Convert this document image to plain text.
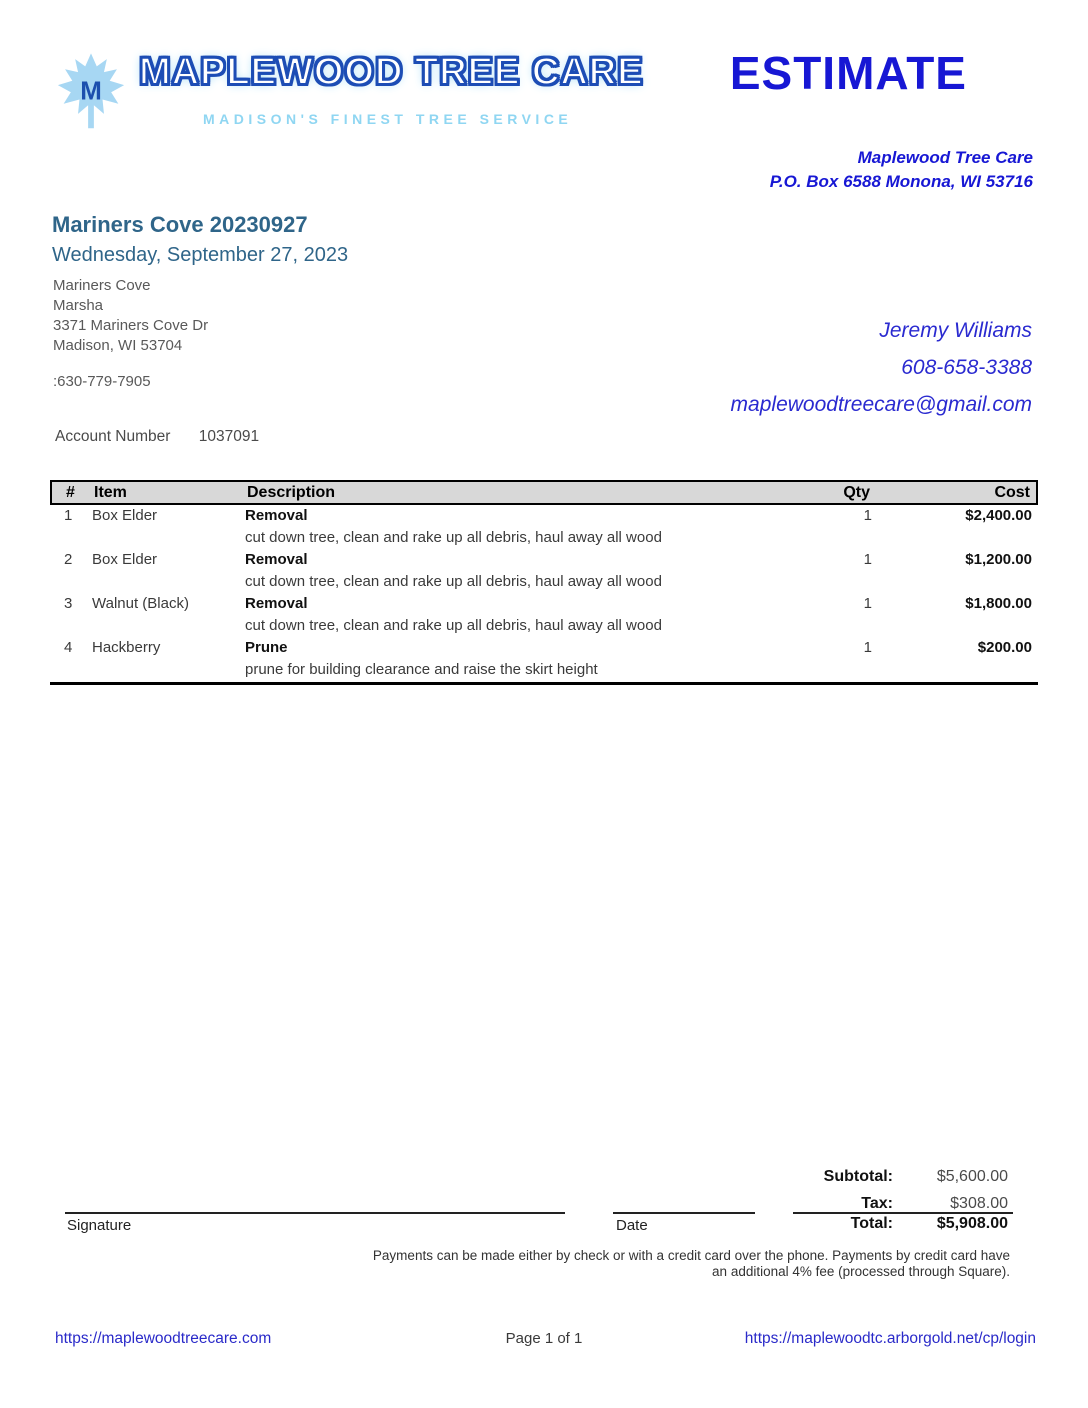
M MAPLEWOOD TREE CARE
MADISON'S FINEST TREE SERVICE
ESTIMATE
Maplewood Tree Care
P.O. Box 6588 Monona, WI 53716
Mariners Cove 20230927
Wednesday, September 27, 2023
Mariners Cove
Marsha
3371 Mariners Cove Dr
Madison, WI 53704
:630-779-7905
Jeremy Williams
608-658-3388
maplewoodtreecare@gmail.com
Account Number 1037091
#	Item	Description	Qty	Cost
1	Box Elder	Removal	1	$2,400.00
cut down tree, clean and rake up all debris, haul away all wood
2	Box Elder	Removal	1	$1,200.00
cut down tree, clean and rake up all debris, haul away all wood
3	Walnut (Black)	Removal	1	$1,800.00
cut down tree, clean and rake up all debris, haul away all wood
4	Hackberry	Prune	1	$200.00
prune for building clearance and raise the skirt height
Subtotal:	$5,600.00
Tax:	$308.00
Total:	$5,908.00
Signature	Date
Payments can be made either by check or with a credit card over the phone. Payments by credit card have
an additional 4% fee (processed through Square).
https://maplewoodtreecare.com	Page 1 of 1	https://maplewoodtc.arborgold.net/cp/login
